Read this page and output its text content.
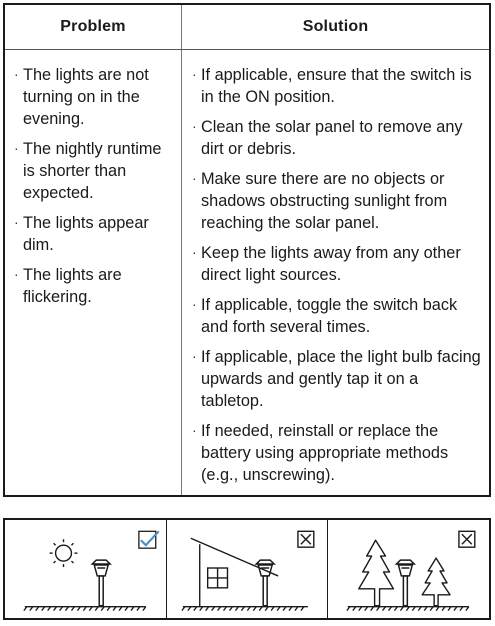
Problem	Solution
· The lights are not turning on in the evening.
· The nightly runtime is shorter than expected.
· The lights appear dim.
· The lights are flickering.
· If applicable, ensure that the switch is in the ON position.
· Clean the solar panel to remove any dirt or debris.
· Make sure there are no objects or shadows obstructing sunlight from reaching the solar panel.
· Keep the lights away from any other direct light sources.
· If applicable, toggle the switch back and forth several times.
· If applicable, place the light bulb facing upwards and gently tap it on a tabletop.
· If needed, reinstall or replace the battery using appropriate methods (e.g., unscrewing).
